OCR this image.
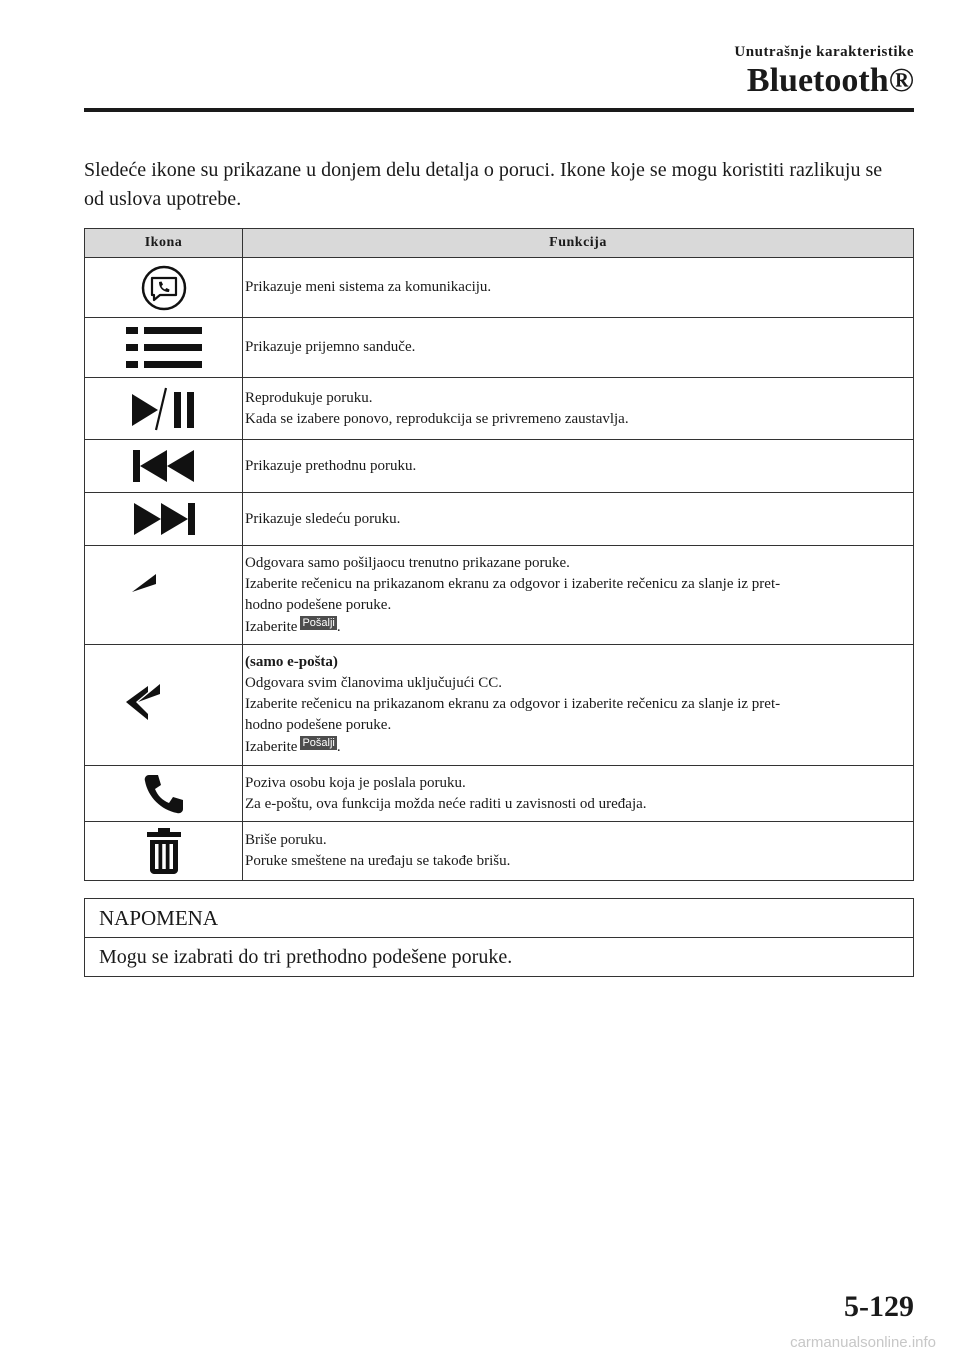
Unutrašnje karakteristike
Bluetooth®
Sledeće ikone su prikazane u donjem delu detalja o poruci. Ikone koje se mogu koristiti razlikuju se od uslova upotrebe.
Ikona	Funkcija

Prikazuje meni sistema za komunikaciju.

Prikazuje prijemno sanduče.

Reprodukuje poruku.
Kada se izabere ponovo, reprodukcija se privremeno zaustavlja.

Prikazuje prethodnu poruku.

Prikazuje sledeću poruku.

Odgovara samo pošiljaocu trenutno prikazane poruke.
Izaberite rečenicu na prikazanom ekranu za odgovor i izaberite rečenicu za slanje iz pret-
hodno podešene poruke.
Izaberite Pošalji .

(samo e-pošta)
Odgovara svim članovima uključujući CC.
Izaberite rečenicu na prikazanom ekranu za odgovor i izaberite rečenicu za slanje iz pret-
hodno podešene poruke.
Izaberite Pošalji .

Poziva osobu koja je poslala poruku.
Za e-poštu, ova funkcija možda neće raditi u zavisnosti od uređaja.

Briše poruku.
Poruke smeštene na uređaju se takođe brišu.
NAPOMENA
Mogu se izabrati do tri prethodno podešene poruke.
5-129
carmanualsonline.info
